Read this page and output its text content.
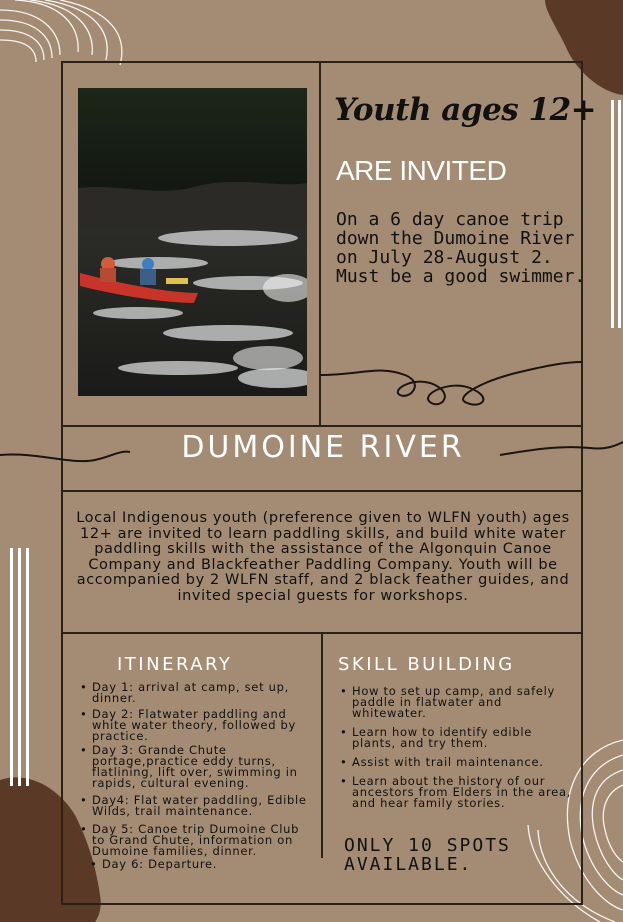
Youth ages 12+
ARE INVITED
On a 6 day canoe trip down the Dumoine River on July 28-August 2. Must be a good swimmer.
DUMOINE RIVER
Local Indigenous youth (preference given to WLFN youth) ages 12+ are invited to learn paddling skills, and build white water paddling skills with the assistance of the Algonquin Canoe Company and Blackfeather Paddling Company. Youth will be accompanied by 2 WLFN staff, and 2 black feather guides, and invited special guests for workshops.
ITINERARY
• Day 1: arrival at camp, set up, dinner.
• Day 2: Flatwater paddling and white water theory, followed by practice.
• Day 3: Grande Chute portage,practice eddy turns, flatlining, lift over, swimming in rapids, cultural evening.
• Day4: Flat water paddling, Edible Wilds, trail maintenance.
• Day 5: Canoe trip Dumoine Club to Grand Chute, information on Dumoine families, dinner.
• Day 6: Departure.
SKILL BUILDING
• How to set up camp, and safely paddle in flatwater and whitewater.
• Learn how to identify edible plants, and try them.
• Assist with trail maintenance.
• Learn about the history of our ancestors from Elders in the area, and hear family stories.
ONLY 10 SPOTS AVAILABLE.
